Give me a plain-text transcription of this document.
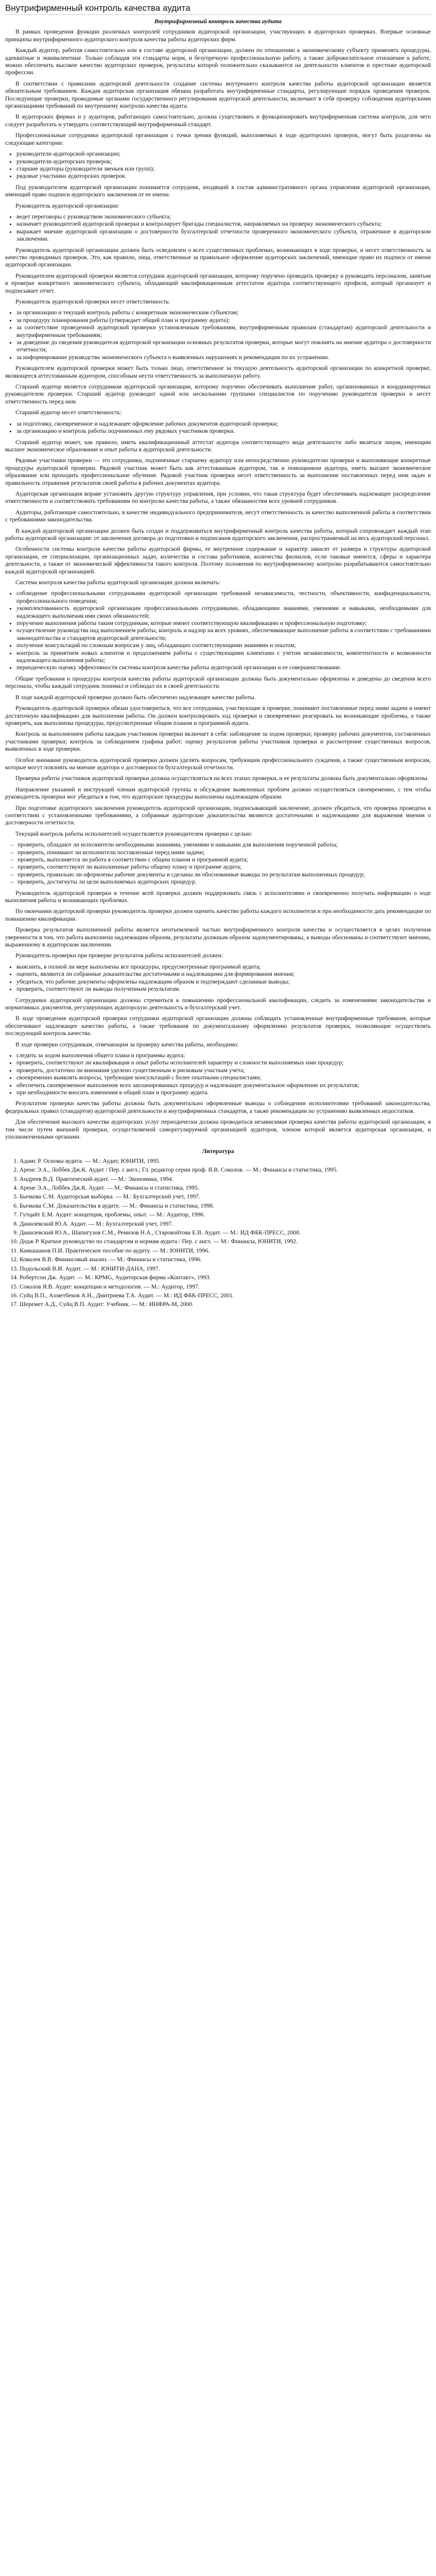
Внутрифирменный контроль качества аудита
Внутрифирменный контроль качества аудита

В рамках проведения функции различных контролей сотрудников аудиторской организации, участвующих в аудиторских проверках. Впервые основные принципы внутрифирменного аудиторского контроля качества работы аудиторских фирм.

Каждый аудитор, работая самостоятельно или в составе аудиторской организации, должен по отношению к экономическому субъекту применять процедуры, адекватные и эквивалентные. Только соблюдая эти стандарты норм, и безупречную профессиональную работу, а также доброжелательное отношение к работе, можно обеспечить высокое качество аудиторских проверок, результаты которой положительно сказываются на деятельности клиентов и престиже аудиторской профессии.

В соответствии с правилами аудиторской деятельности создание системы внутреннего контроля качества работы аудиторской организации является обязательным требованием. Каждая аудиторская организация обязана разработать внутрифирменные стандарты, регулирующие порядок проведения проверок. Последующие проверки, проводимые органами государственного регулирования аудиторской деятельности, включают в себя проверку соблюдения аудиторскими организациями требований по внутреннему контролю качества аудита.

В аудиторских фирмах и у аудиторов, работающих самостоятельно, должна существовать и функционировать внутрифирменная система контроля, для чего следует разработать и утвердить соответствующий внутрифирменный стандарт.

Профессиональные сотрудники аудиторской организации с точки зрения функций, выполняемых в ходе аудиторских проверок, могут быть разделены на следующие категории:

• руководители аудиторской организации;
• руководители аудиторских проверок;
• старшие аудиторы (руководители звеньев или групп);
• рядовые участники аудиторских проверок.

Под руководителем аудиторской организации понимается сотрудник, входящий в состав административного органа управления аудиторской организации, имеющий право подписи аудиторского заключения от ее имени.

Руководитель аудиторской организации:

• ведет переговоры с руководством экономического субъекта;
• назначает руководителей аудиторской проверки и контролирует бригады специалистов, направляемых на проверку экономического субъекта;
• выражает мнение аудиторской организации о достоверности бухгалтерской отчетности проверенного экономического субъекта, отраженное в аудиторском заключении.

Руководитель аудиторской организации должен быть осведомлен о всех существенных проблемах, возникающих в ходе проверки, и несет ответственность за качество проводимых проверок. Это, как правило, лица, ответственные за правильное оформление аудиторских заключений, имеющие право их подписи от имени аудиторской организации.

Руководителем аудиторской проверки является сотрудник аудиторской организации, которому поручено проводить проверку и руководить персоналом, занятым в проверке конкретного экономического субъекта, обладающий квалификационным аттестатом аудитора соответствующего профиля, который организует и подписывает отчет.

Руководитель аудиторской проверки несет ответственность:

• за организацию и текущий контроль работы с конкретным экономическим субъектом;
• за процедуру планирования работы (утверждает общий план и программу аудита);
• за соответствие проведенной аудиторской проверки установленным требованиям, внутрифирменным правилам (стандартам) аудиторской деятельности и внутрифирменным требованиям;
• за доведение до сведения руководителя аудиторской организации основных результатов проверки, которые могут повлиять на мнение аудитора о достоверности отчетности;
• за информирование руководства экономического субъекта о выявленных нарушениях и рекомендации по их устранению.

Руководителем аудиторской проверки может быть только лицо, ответственное за текущую деятельность аудиторской организации по конкретной проверке, являющееся аттестованным аудитором, способным нести ответственность за выполненную работу.

Старший аудитор является сотрудником аудиторской организации, которому поручено обеспечивать выполнение работ, организованных и координируемых руководителем проверки. Старший аудитор руководит одной или несколькими группами специалистов по поручению руководителя проверки и несет ответственность перед ним.

Старший аудитор несет ответственность:

• за подготовку, своевременное и надлежащее оформление рабочих документов аудиторской проверки;
• за организацию и контроль работы подчиненных ему рядовых участников проверки.

Старший аудитор может, как правило, иметь квалификационный аттестат аудитора соответствующего вида деятельности либо являться лицом, имеющим высшее экономическое образование и опыт работы в аудиторской деятельности.

Рядовые участники проверки — это сотрудники, подчиненные старшему аудитору или непосредственно руководителю проверки и выполняющие конкретные процедуры аудиторской проверки. Рядовой участник может быть как аттестованным аудитором, так и помощником аудитора, иметь высшее экономическое образование или проходить профессиональное обучение. Рядовой участник проверки несет ответственность за выполнение поставленных перед ним задач и правильность отражения результатов своей работы в рабочих документах аудитора.

Аудиторская организация вправе установить другую структуру управления, при условии, что такая структура будет обеспечивать надлежащее распределение ответственности и соответствовать требованиям по контролю качества работы, а также обязанностям всех уровней сотрудников.

Аудиторы, работающие самостоятельно, в качестве индивидуального предпринимателя, несут ответственность за качество выполненной работы в соответствии с требованиями законодательства.

В каждой аудиторской организации должен быть создан и поддерживаться внутрифирменный контроль качества работы, который сопровождает каждый этап работы аудиторской организации: от заключения договора до подготовки и подписания аудиторского заключения, распространяемый на весь аудиторский персонал.

Особенности системы контроля качества работы аудиторской фирмы, ее внутренние содержание и характер зависят от размера и структуры аудиторской организации, ее специализации, организационных задач, количества и состава работников, количества филиалов, если таковые имеются, сферы и характера деятельности, а также от экономической эффективности такого контроля. Поэтому положения по внутрифирменному контролю разрабатываются самостоятельно каждой аудиторской организацией.

Система контроля качества работы аудиторской организации должна включать:

• соблюдение профессиональными сотрудниками аудиторской организации требований независимости, честности, объективности, конфиденциальности, профессионального поведения;
• укомплектованность аудиторской организации профессиональными сотрудниками, обладающими знаниями, умениями и навыками, необходимыми для надлежащего выполнения ими своих обязанностей;
• поручение выполнения работы таким сотрудникам, которые имеют соответствующую квалификацию и профессиональную подготовку;
• осуществление руководства над выполнением работы, контроль и надзор на всех уровнях, обеспечивающие выполнение работы в соответствии с требованиями законодательства и стандартов аудиторской деятельности;
• получение консультаций по сложным вопросам у лиц, обладающих соответствующими знаниями и опытом;
• контроль за принятием новых клиентов и продолжением работы с существующими клиентами с учетом независимости, компетентности и возможности надлежащего выполнения работы;
• периодическую оценку эффективности системы контроля качества работы аудиторской организации и ее совершенствование.

Общие требования и процедуры контроля качества работы аудиторской организации должны быть документально оформлены и доведены до сведения всего персонала, чтобы каждый сотрудник понимал и соблюдал их в своей деятельности.

В ходе каждой аудиторской проверки должно быть обеспечено надлежащее качество работы.

Руководитель аудиторской проверки обязан удостовериться, что все сотрудники, участвующие в проверке, понимают поставленные перед ними задачи и имеют достаточную квалификацию для выполнения работы. Он должен контролировать ход проверки и своевременно реагировать на возникающие проблемы, а также проверять, как выполнены процедуры, предусмотренные общим планом и программой аудита.

Контроль за выполнением работы каждым участником проверки включает в себя: наблюдение за ходом проверки; проверку рабочих документов, составленных участниками проверки; контроль за соблюдением графика работ; оценку результатов работы участников проверки и рассмотрение существенных вопросов, выявленных в ходе проверки.

Особое внимание руководитель аудиторской проверки должен уделять вопросам, требующим профессионального суждения, а также существенным вопросам, которые могут повлиять на мнение аудитора о достоверности бухгалтерской отчетности.

Проверка работы участников аудиторской проверки должна осуществляться на всех этапах проверки, и ее результаты должны быть документально оформлены.

Направление указаний и инструкций членам аудиторской группы и обсуждение выявленных проблем должно осуществляться своевременно, с тем чтобы руководитель проверки мог убедиться в том, что аудиторские процедуры выполнены надлежащим образом.

При подготовке аудиторского заключения руководитель аудиторской организации, подписывающий заключение, должен убедиться, что проверка проведена в соответствии с установленными требованиями, а собранные аудиторские доказательства являются достаточными и надлежащими для выражения мнения о достоверности отчетности.

Текущий контроль работы исполнителей осуществляется руководителем проверки с целью:

– проверить, обладают ли исполнители необходимыми знаниями, умениями и навыками для выполнения порученной работы;
– проверить, понимают ли исполнители поставленные перед ними задачи;
– проверить, выполняется ли работа в соответствии с общим планом и программой аудита;
– проверить, соответствуют ли выполненные работы общему плану и программе аудита;
– проверить, правильно ли оформлены рабочие документы и сделаны ли обоснованные выводы по результатам выполненных процедур;
– проверить, достигнуты ли цели выполняемых аудиторских процедур.

Руководитель аудиторской проверки в течение всей проверки должен поддерживать связь с исполнителями и своевременно получать информацию о ходе выполнения работы и возникающих проблемах.

По окончании аудиторской проверки руководитель проверки должен оценить качество работы каждого исполнителя и при необходимости дать рекомендации по повышению квалификации.

Проверка результатов выполненной работы является неотъемлемой частью внутрифирменного контроля качества и осуществляется в целях получения уверенности в том, что работа выполнена надлежащим образом, результаты должным образом задокументированы, а выводы обоснованы и соответствуют мнению, выраженному в аудиторском заключении.

Руководитель проверки при проверке результатов работы исполнителей должен:

• выяснить, в полной ли мере выполнены все процедуры, предусмотренные программой аудита;
• оценить, являются ли собранные доказательства достаточными и надлежащими для формирования мнения;
• убедиться, что рабочие документы оформлены надлежащим образом и подтверждают сделанные выводы;
• проверить, соответствуют ли выводы полученным результатам.

Сотрудники аудиторской организации должны стремиться к повышению профессиональной квалификации, следить за изменениями законодательства и нормативных документов, регулирующих аудиторскую деятельность и бухгалтерский учет.

В ходе проведения аудиторской проверки сотрудники аудиторской организации должны соблюдать установленные внутрифирменные требования, которые обеспечивают надлежащее качество работы, а также требования по документальному оформлению результатов проверки, позволяющие осуществлять последующий контроль качества.

В ходе проверки сотрудникам, отвечающим за проверку качества работы, необходимо:

• следить за ходом выполнения общего плана и программы аудита;
• проверить, соответствуют ли квалификация и опыт работы исполнителей характеру и сложности выполняемых ими процедур;
• проверить, достаточно ли внимания уделено существенным и рисковым участкам учета;
• своевременно выявлять вопросы, требующие консультаций с более опытными специалистами;
• обеспечить своевременное выполнение всех запланированных процедур и надлежащее документальное оформление их результатов;
• при необходимости вносить изменения в общий план и программу аудита.

Результатом проверки качества работы должны быть документально оформленные выводы о соблюдении исполнителями требований законодательства, федеральных правил (стандартов) аудиторской деятельности и внутрифирменных стандартов, а также рекомендации по устранению выявленных недостатков.

Для обеспечения высокого качества аудиторских услуг периодически должна проводиться независимая проверка качества работы аудиторской организации, в том числе путем внешней проверки, осуществляемой саморегулируемой организацией аудиторов, членом которой является аудиторская организация, и уполномоченными органами.

Литература
1. Адамс Р. Основы аудита. — М.: Аудит, ЮНИТИ, 1995.
2. Аренс Э.А., Лоббек Дж.К. Аудит / Пер. с англ.; Гл. редактор серии проф. Я.В. Соколов. — М.: Финансы и статистика, 1995.
3. Андреев В.Д. Практический аудит. — М.: Экономика, 1994.
4. Арене Э.А., Лоббек Дж.К. Аудит. — М.: Финансы и статистика, 1995.
5. Бычкова С.М. Аудиторская выборка. — М.: Бухгалтерский учет, 1997.
6. Бычкова С.М. Доказательства в аудите. — М.: Финансы и статистика, 1998.
7. Гутцайт Е.М. Аудит: концепция, проблемы, опыт. — М.: Аудитор, 1996.
8. Данилевский Ю.А. Аудит. — М.: Бухгалтерский учет, 1997.
9. Данилевский Ю.А., Шапигузов С.М., Ремизов Н.А., Старовойтова Е.В. Аудит. — М.: ИД ФБК-ПРЕСС, 2000.
10. Додж Р. Краткое руководство по стандартам и нормам аудита / Пер. с англ. — М.: Финансы, ЮНИТИ, 1992.
11. Камышанов П.И. Практическое пособие по аудиту. — М.: ЮНИТИ, 1996.
12. Ковалев В.В. Финансовый анализ. — М.: Финансы и статистика, 1996.
13. Подольский В.И. Аудит. — М.: ЮНИТИ-ДАНА, 1997.
14. Робертсон Дж. Аудит. — М.: КРМG, Аудиторская фирма «Контакт», 1993.
15. Соколов Я.В. Аудит: концепции и методология. — М.: Аудитор, 1997.
16. Суйц В.П., Ахметбеков А.Н., Дмитриева Т.А. Аудит. — М.: ИД ФБК-ПРЕСС, 2001.
17. Шеремет А.Д., Суйц В.П. Аудит: Учебник. — М.: ИНФРА-М, 2000.
